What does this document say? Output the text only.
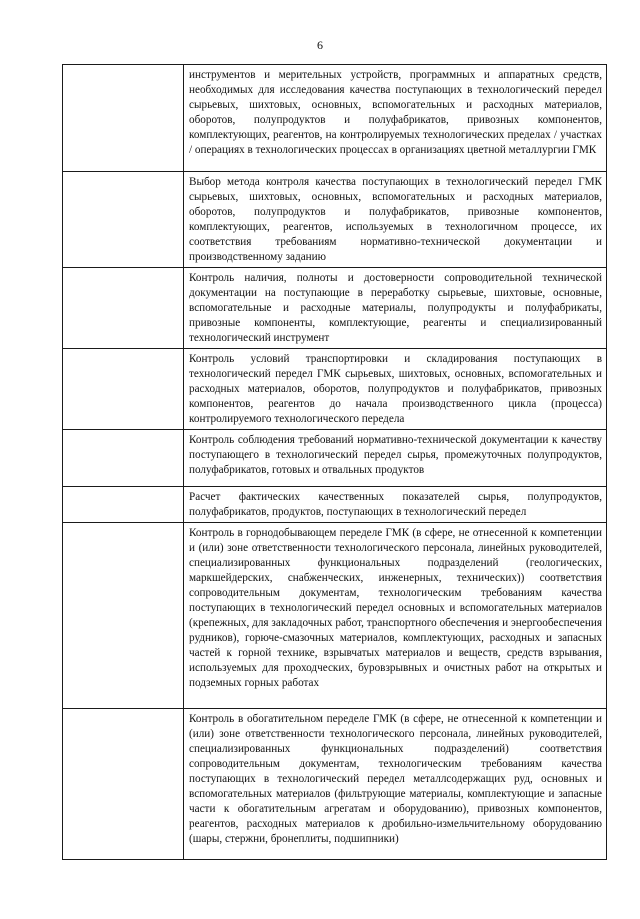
6

	инструментов и мерительных устройств, программных и аппаратных средств, необходимых для исследования качества поступающих в технологический передел сырьевых, шихтовых, основных, вспомогательных и расходных материалов, оборотов, полупродуктов и полуфабрикатов, привозных компонентов, комплектующих, реагентов, на контролируемых технологических пределах / участках / операциях в технологических процессах в организациях цветной металлургии ГМК

	Выбор метода контроля качества поступающих в технологический передел ГМК сырьевых, шихтовых, основных, вспомогательных и расходных материалов, оборотов, полупродуктов и полуфабрикатов, привозные компонентов, комплектующих, реагентов, используемых в технологичном процессе, их соответствия требованиям нормативно-технической документации и производственному заданию

	Контроль наличия, полноты и достоверности сопроводительной технической документации на поступающие в переработку сырьевые, шихтовые, основные, вспомогательные и расходные материалы, полупродукты и полуфабрикаты, привозные компоненты, комплектующие, реагенты и специализированный технологический инструмент

	Контроль условий транспортировки и складирования поступающих в технологический передел ГМК сырьевых, шихтовых, основных, вспомогательных и расходных материалов, оборотов, полупродуктов и полуфабрикатов, привозных компонентов, реагентов до начала производственного цикла (процесса) контролируемого технологического передела

	Контроль соблюдения требований нормативно-технической документации к качеству поступающего в технологический передел сырья, промежуточных полупродуктов, полуфабрикатов, готовых и отвальных продуктов

	Расчет фактических качественных показателей сырья, полупродуктов, полуфабрикатов, продуктов, поступающих в технологический передел

	Контроль в горнодобывающем переделе ГМК (в сфере, не отнесенной к компетенции и (или) зоне ответственности технологического персонала, линейных руководителей, специализированных функциональных подразделений (геологических, маркшейдерских, снабженческих, инженерных, технических)) соответствия сопроводительным документам, технологическим требованиям качества поступающих в технологический передел основных и вспомогательных материалов (крепежных, для закладочных работ, транспортного обеспечения и энергообеспечения рудников), горюче-смазочных материалов, комплектующих, расходных и запасных частей к горной технике, взрывчатых материалов и веществ, средств взрывания, используемых для проходческих, буровзрывных и очистных работ на открытых и подземных горных работах

	Контроль в обогатительном переделе ГМК (в сфере, не отнесенной к компетенции и (или) зоне ответственности технологического персонала, линейных руководителей, специализированных функциональных подразделений) соответствия сопроводительным документам, технологическим требованиям качества поступающих в технологический передел металлсодержащих руд, основных и вспомогательных материалов (фильтрующие материалы, комплектующие и запасные части к обогатительным агрегатам и оборудованию), привозных компонентов, реагентов, расходных материалов к дробильно-измельчительному оборудованию (шары, стержни, бронеплиты, подшипники)
